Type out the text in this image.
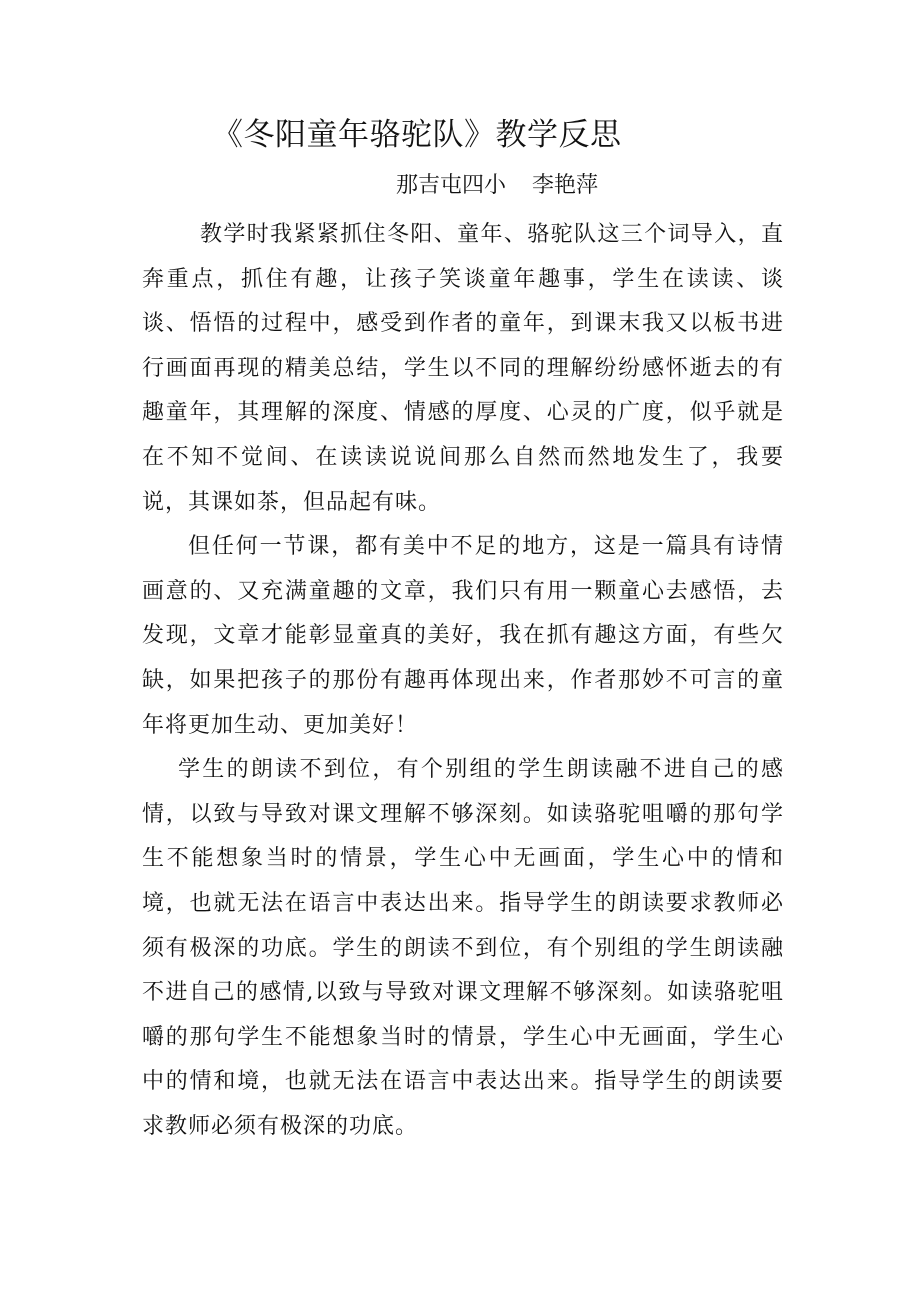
《冬阳童年骆驼队》教学反思
那吉屯四小 李艳萍

教学时我紧紧抓住冬阳、童年、骆驼队这三个词导入，直奔重点，抓住有趣，让孩子笑谈童年趣事，学生在读读、谈谈、悟悟的过程中，感受到作者的童年，到课末我又以板书进行画面再现的精美总结，学生以不同的理解纷纷感怀逝去的有趣童年，其理解的深度、情感的厚度、心灵的广度，似乎就是在不知不觉间、在读读说说间那么自然而然地发生了，我要说，其课如茶，但品起有味。

但任何一节课，都有美中不足的地方，这是一篇具有诗情画意的、又充满童趣的文章，我们只有用一颗童心去感悟，去发现，文章才能彰显童真的美好，我在抓有趣这方面，有些欠缺，如果把孩子的那份有趣再体现出来，作者那妙不可言的童年将更加生动、更加美好！

学生的朗读不到位，有个别组的学生朗读融不进自己的感情，以致与导致对课文理解不够深刻。如读骆驼咀嚼的那句学生不能想象当时的情景，学生心中无画面，学生心中的情和境，也就无法在语言中表达出来。指导学生的朗读要求教师必须有极深的功底。学生的朗读不到位，有个别组的学生朗读融不进自己的感情,以致与导致对课文理解不够深刻。如读骆驼咀嚼的那句学生不能想象当时的情景，学生心中无画面，学生心中的情和境，也就无法在语言中表达出来。指导学生的朗读要求教师必须有极深的功底。
